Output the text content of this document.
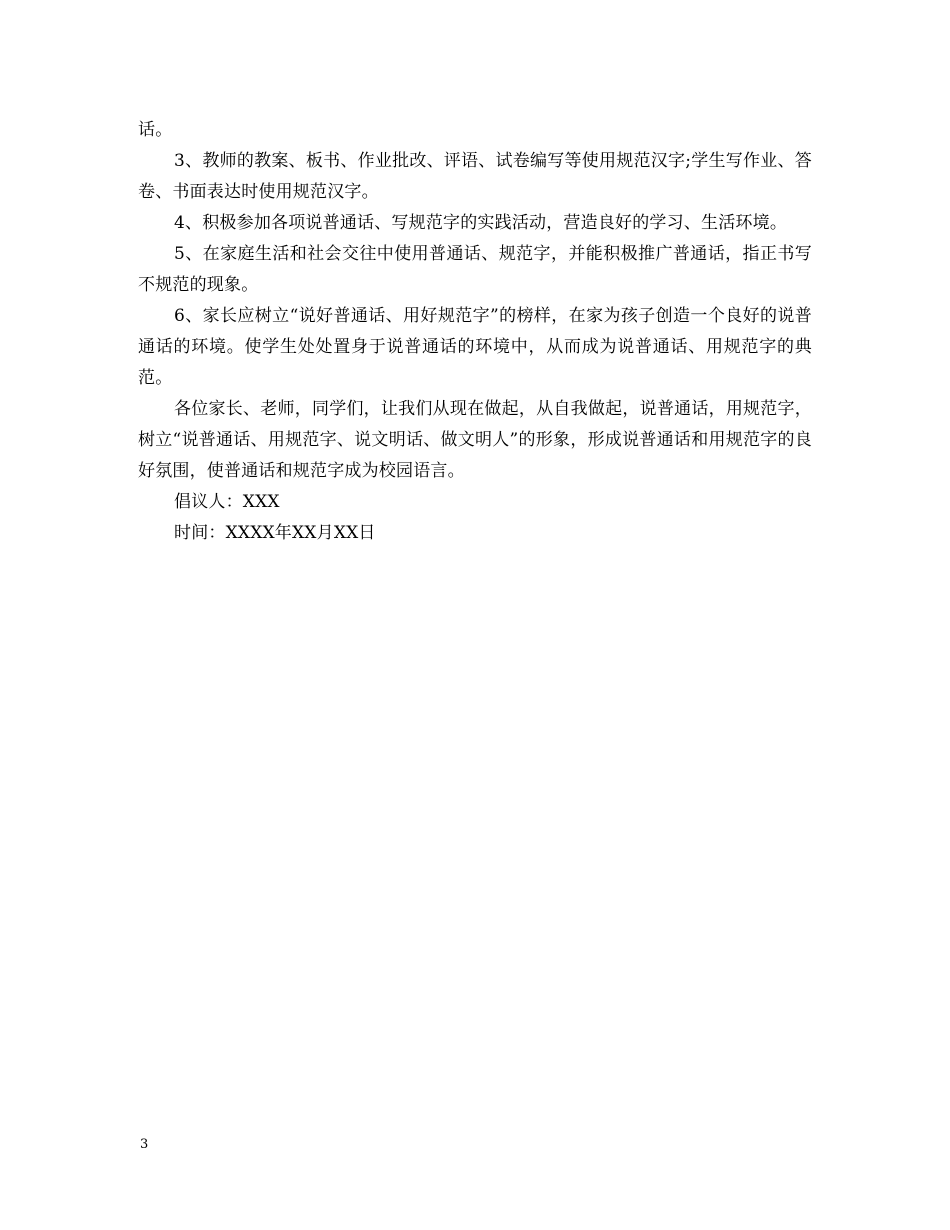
话。

3、教师的教案、板书、作业批改、评语、试卷编写等使用规范汉字;学生写作业、答卷、书面表达时使用规范汉字。

4、积极参加各项说普通话、写规范字的实践活动，营造良好的学习、生活环境。

5、在家庭生活和社会交往中使用普通话、规范字，并能积极推广普通话，指正书写不规范的现象。

6、家长应树立“说好普通话、用好规范字”的榜样，在家为孩子创造一个良好的说普通话的环境。使学生处处置身于说普通话的环境中，从而成为说普通话、用规范字的典范。

各位家长、老师，同学们，让我们从现在做起，从自我做起，说普通话，用规范字，树立“说普通话、用规范字、说文明话、做文明人”的形象，形成说普通话和用规范字的良好氛围，使普通话和规范字成为校园语言。

倡议人：XXX

时间：XXXX年XX月XX日

3
